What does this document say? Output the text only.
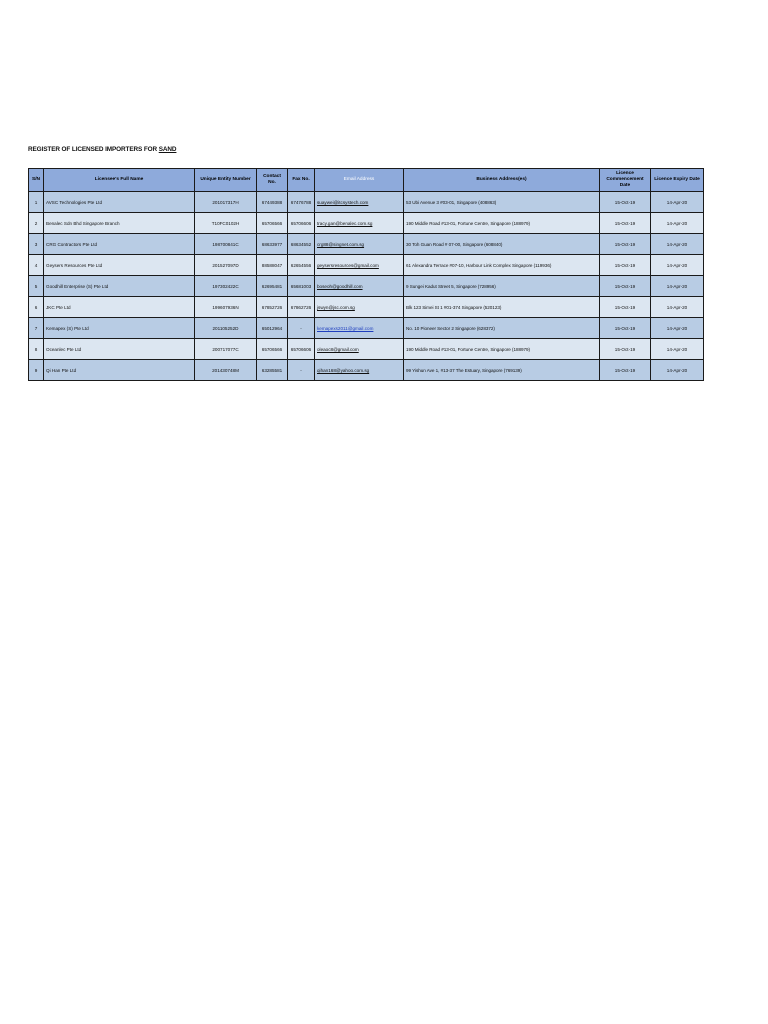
REGISTER OF LICENSED IMPORTERS FOR SAND
S/N	Licensee's Full Name	Unique Entity Number	Contact No.	Fax No.	Email Address	Business Address(es)	Licence Commencement Date	Licence Expiry Date
1	AVSC Technologies Pte Ltd	201017317H	67449388	67476788	suaywei@itcsystech.com	53 Ubi Avenue 3 #03-01, Singapore (408863)	15-Oct-19	14-Apr-20
2	Benalec Sdn Bhd Singapore Branch	T10FC0102H	65706566	65706606	tracy.gan@benalec.com.sg	190 Middle Road #13-01, Fortune Centre, Singapore (188979)	15-Oct-19	14-Apr-20
3	CRG Contractors Pte Ltd	198700841C	68633977	68634552	crg88@singnet.com.sg	30 Toh Guan Road # 07-00, Singapore (608840)	15-Oct-19	14-Apr-20
4	Geysers Resources Pte Ltd	201527097D	88588047	62654556	geysersresources@gmail.com	61 Alexandra Terrace #07-10, Harbour Link Complex Singapore (119936)	15-Oct-19	14-Apr-20
5	Goodhill Enterprise (S) Pte Ltd	197302422C	62695481	65681003	boseoh@goodhill.com	9 Sungei Kadut Street 5, Singapore (728956)	15-Oct-19	14-Apr-20
6	JKC Pte Ltd	199607936N	67852726	67862726	jswyn@jsc.com.sg	Blk 123 Simei St 1 #01-374 Singapore (520123)	15-Oct-19	14-Apr-20
7	Kemapex (S) Pte Ltd	201105252D	65012964	-	kemapexs2011@gmail.com	No. 10 Pioneer Sector 2 Singapore (628372)	15-Oct-19	14-Apr-20
8	Oceanlec Pte Ltd	200717077C	65706566	65706606	oleaoc8@gmail.com	190 Middle Road #13-01, Fortune Centre, Singapore (188979)	15-Oct-19	14-Apr-20
9	Qi Han Pte Ltd	201430748M	63285581	-	qihan168@yahoo.com.sg	99 Yishun Ave 1, #13-37 The Estuary, Singapore (769139)	15-Oct-19	14-Apr-20
